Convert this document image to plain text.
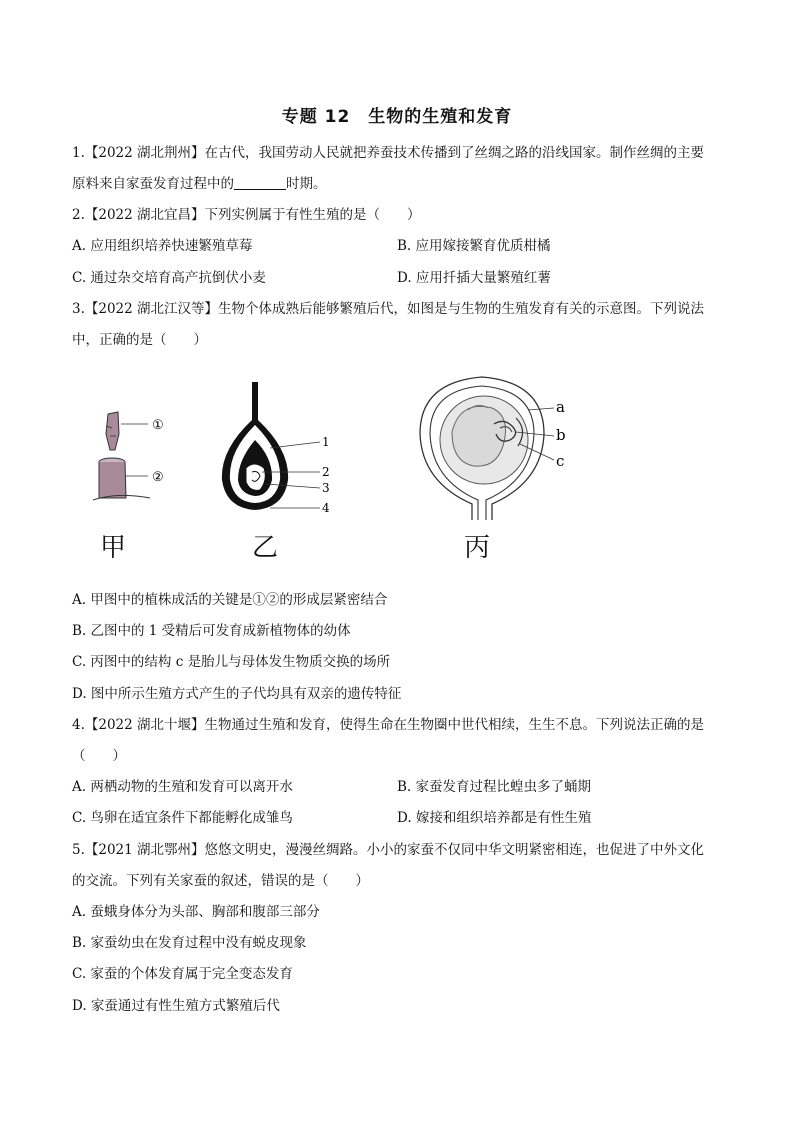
专题 12　生物的生殖和发育
1.【2022 湖北荆州】在古代，我国劳动人民就把养蚕技术传播到了丝绸之路的沿线国家。制作丝绸的主要
原料来自家蚕发育过程中的	时期。
2.【2022 湖北宜昌】下列实例属于有性生殖的是（　　）
A. 应用组织培养快速繁殖草莓	B. 应用嫁接繁育优质柑橘
C. 通过杂交培育高产抗倒伏小麦	D. 应用扦插大量繁殖红薯
3.【2022 湖北江汉等】生物个体成熟后能够繁殖后代，如图是与生物的生殖发育有关的示意图。下列说法
中，正确的是（　　）
①
②
甲
1
2
3
4
乙
a
b
c
丙
A. 甲图中的植株成活的关键是①②的形成层紧密结合
B. 乙图中的 1 受精后可发育成新植物体的幼体
C. 丙图中的结构 c 是胎儿与母体发生物质交换的场所
D. 图中所示生殖方式产生的子代均具有双亲的遗传特征
4.【2022 湖北十堰】生物通过生殖和发育，使得生命在生物圈中世代相续，生生不息。下列说法正确的是
（　　）
A. 两栖动物的生殖和发育可以离开水	B. 家蚕发育过程比蝗虫多了蛹期
C. 鸟卵在适宜条件下都能孵化成雏鸟	D. 嫁接和组织培养都是有性生殖
5.【2021 湖北鄂州】悠悠文明史，漫漫丝绸路。小小的家蚕不仅同中华文明紧密相连，也促进了中外文化
的交流。下列有关家蚕的叙述，错误的是（　　）
A. 蚕蛾身体分为头部、胸部和腹部三部分
B. 家蚕幼虫在发育过程中没有蜕皮现象
C. 家蚕的个体发育属于完全变态发育
D. 家蚕通过有性生殖方式繁殖后代
